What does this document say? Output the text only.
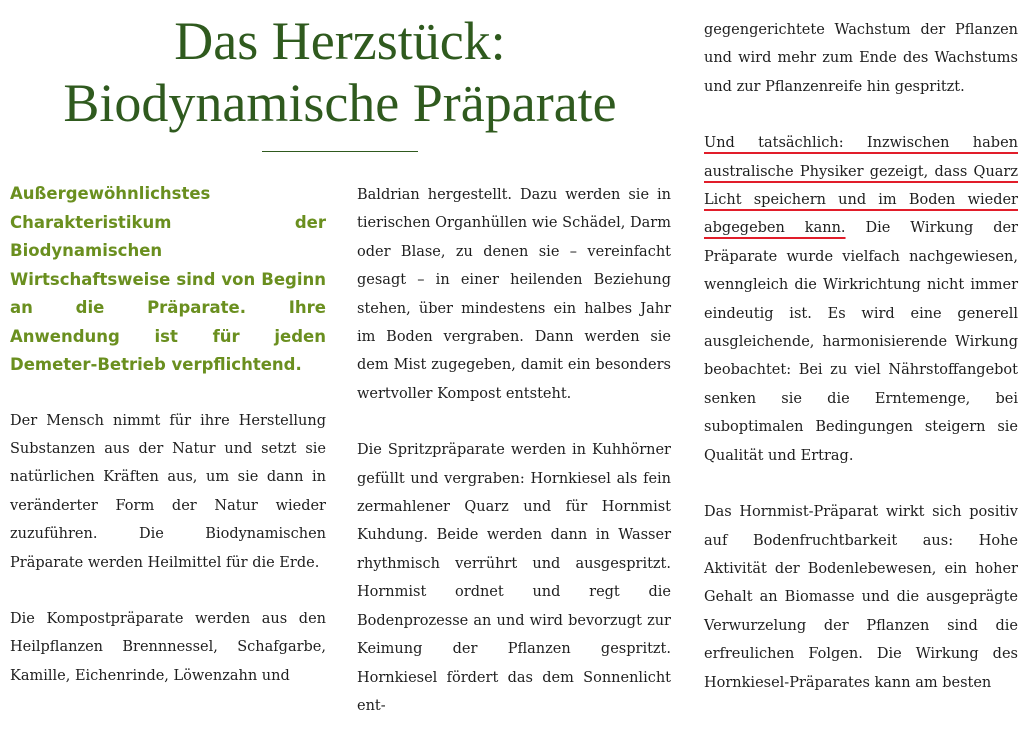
Das Herzstück:
Biodynamische Präparate

Außergewöhnlichstes Charakteristikum der Biodynamischen Wirtschaftsweise sind von Beginn an die Präparate. Ihre Anwendung ist für jeden Demeter-Betrieb verpflichtend.

Der Mensch nimmt für ihre Herstellung Substanzen aus der Natur und setzt sie natürlichen Kräften aus, um sie dann in veränderter Form der Natur wieder zuzuführen. Die Biodynamischen Präparate werden Heilmittel für die Erde.

Die Kompostpräparate werden aus den Heilpflanzen Brennnessel, Schafgarbe, Kamille, Eichenrinde, Löwenzahn und

Baldrian hergestellt. Dazu werden sie in tierischen Organhüllen wie Schädel, Darm oder Blase, zu denen sie – vereinfacht gesagt – in einer heilenden Beziehung stehen, über mindestens ein halbes Jahr im Boden vergraben. Dann werden sie dem Mist zugegeben, damit ein besonders wertvoller Kompost entsteht.

Die Spritzpräparate werden in Kuhhörner gefüllt und vergraben: Hornkiesel als fein zermahlener Quarz und für Hornmist Kuhdung. Beide werden dann in Wasser rhythmisch verrührt und ausgespritzt. Hornmist ordnet und regt die Bodenprozesse an und wird bevorzugt zur Keimung der Pflanzen gespritzt. Hornkiesel fördert das dem Sonnenlicht ent-

gegengerichtete Wachstum der Pflanzen und wird mehr zum Ende des Wachstums und zur Pflanzenreife hin gespritzt.

Und tatsächlich: Inzwischen haben australische Physiker gezeigt, dass Quarz Licht speichern und im Boden wieder abgegeben kann. Die Wirkung der Präparate wurde vielfach nachgewiesen, wenngleich die Wirkrichtung nicht immer eindeutig ist. Es wird eine generell ausgleichende, harmonisierende Wirkung beobachtet: Bei zu viel Nährstoffangebot senken sie die Erntemenge, bei suboptimalen Bedingungen steigern sie Qualität und Ertrag.

Das Hornmist-Präparat wirkt sich positiv auf Bodenfruchtbarkeit aus: Hohe Aktivität der Bodenlebewesen, ein hoher Gehalt an Biomasse und die ausgeprägte Verwurzelung der Pflanzen sind die erfreulichen Folgen. Die Wirkung des Hornkiesel-Präparates kann am besten
